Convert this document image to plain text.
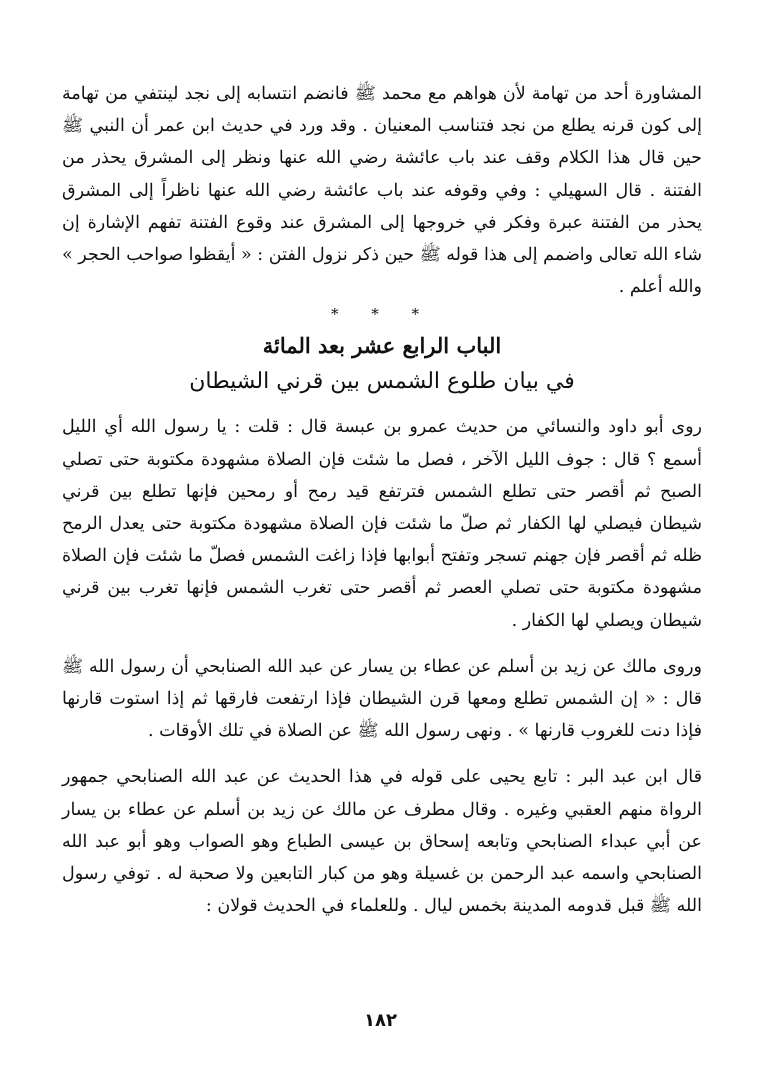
المشاورة أحد من تهامة لأن هواهم مع محمد ﷺ فانضم انتسابه إلى نجد لينتفي من تهامة إلى كون قرنه يطلع من نجد فتناسب المعنيان . وقد ورد في حديث ابن عمر أن النبي ﷺ حين قال هذا الكلام وقف عند باب عائشة رضي الله عنها ونظر إلى المشرق يحذر من الفتنة . قال السهيلي : وفي وقوفه عند باب عائشة رضي الله عنها ناظراً إلى المشرق يحذر من الفتنة عبرة وفكر في خروجها إلى المشرق عند وقوع الفتنة تفهم الإشارة إن شاء الله تعالى واضمم إلى هذا قوله ﷺ حين ذكر نزول الفتن : « أيقظوا صواحب الحجر » والله أعلم .

* * *
الباب الرابع عشر بعد المائة
في بيان طلوع الشمس بين قرني الشيطان

روى أبو داود والنسائي من حديث عمرو بن عبسة قال : قلت : يا رسول الله أي الليل أسمع ؟ قال : جوف الليل الآخر ، فصل ما شئت فإن الصلاة مشهودة مكتوبة حتى تصلي الصبح ثم أقصر حتى تطلع الشمس فترتفع قيد رمح أو رمحين فإنها تطلع بين قرني شيطان فيصلي لها الكفار ثم صلّ ما شئت فإن الصلاة مشهودة مكتوبة حتى يعدل الرمح ظله ثم أقصر فإن جهنم تسجر وتفتح أبوابها فإذا زاغت الشمس فصلّ ما شئت فإن الصلاة مشهودة مكتوبة حتى تصلي العصر ثم أقصر حتى تغرب الشمس فإنها تغرب بين قرني شيطان ويصلي لها الكفار .

وروى مالك عن زيد بن أسلم عن عطاء بن يسار عن عبد الله الصنابحي أن رسول الله ﷺ قال : « إن الشمس تطلع ومعها قرن الشيطان فإذا ارتفعت فارقها ثم إذا استوت قارنها فإذا دنت للغروب قارنها » . ونهى رسول الله ﷺ عن الصلاة في تلك الأوقات .

قال ابن عبد البر : تابع يحيى على قوله في هذا الحديث عن عبد الله الصنابحي جمهور الرواة منهم العقبي وغيره . وقال مطرف عن مالك عن زيد بن أسلم عن عطاء بن يسار عن أبي عبداء الصنابحي وتابعه إسحاق بن عيسى الطباع وهو الصواب وهو أبو عبد الله الصنابحي واسمه عبد الرحمن بن غسيلة وهو من كبار التابعين ولا صحبة له . توفي رسول الله ﷺ قبل قدومه المدينة بخمس ليال . وللعلماء في الحديث قولان :

١٨٢
